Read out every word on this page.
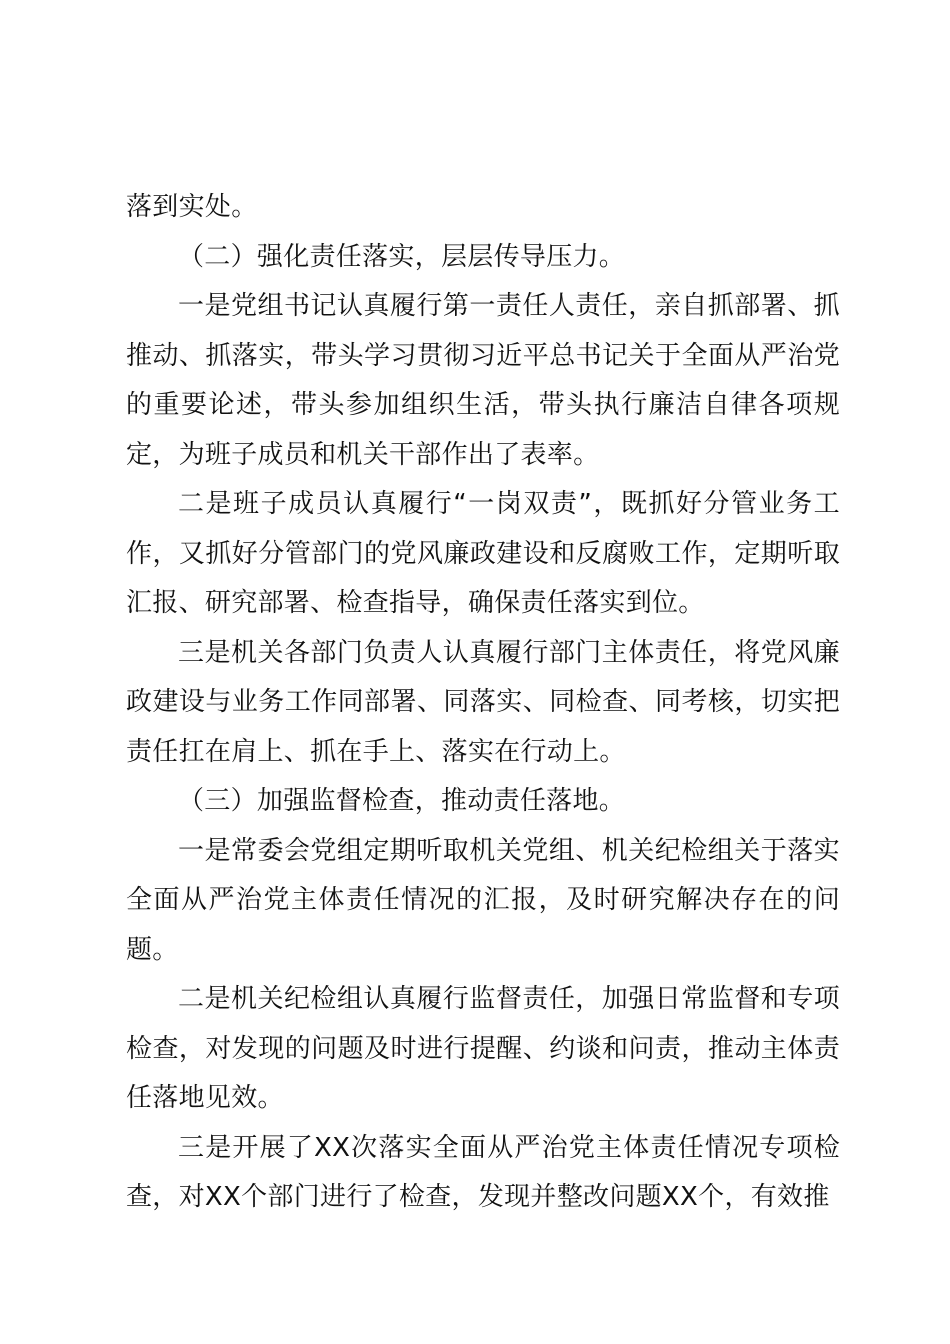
落到实处。

（二）强化责任落实，层层传导压力。

一是党组书记认真履行第一责任人责任，亲自抓部署、抓推动、抓落实，带头学习贯彻习近平总书记关于全面从严治党的重要论述，带头参加组织生活，带头执行廉洁自律各项规定，为班子成员和机关干部作出了表率。

二是班子成员认真履行“一岗双责”，既抓好分管业务工作，又抓好分管部门的党风廉政建设和反腐败工作，定期听取汇报、研究部署、检查指导，确保责任落实到位。

三是机关各部门负责人认真履行部门主体责任，将党风廉政建设与业务工作同部署、同落实、同检查、同考核，切实把责任扛在肩上、抓在手上、落实在行动上。

（三）加强监督检查，推动责任落地。

一是常委会党组定期听取机关党组、机关纪检组关于落实全面从严治党主体责任情况的汇报，及时研究解决存在的问题。

二是机关纪检组认真履行监督责任，加强日常监督和专项检查，对发现的问题及时进行提醒、约谈和问责，推动主体责任落地见效。

三是开展了XX次落实全面从严治党主体责任情况专项检查，对XX个部门进行了检查，发现并整改问题XX个，有效推
